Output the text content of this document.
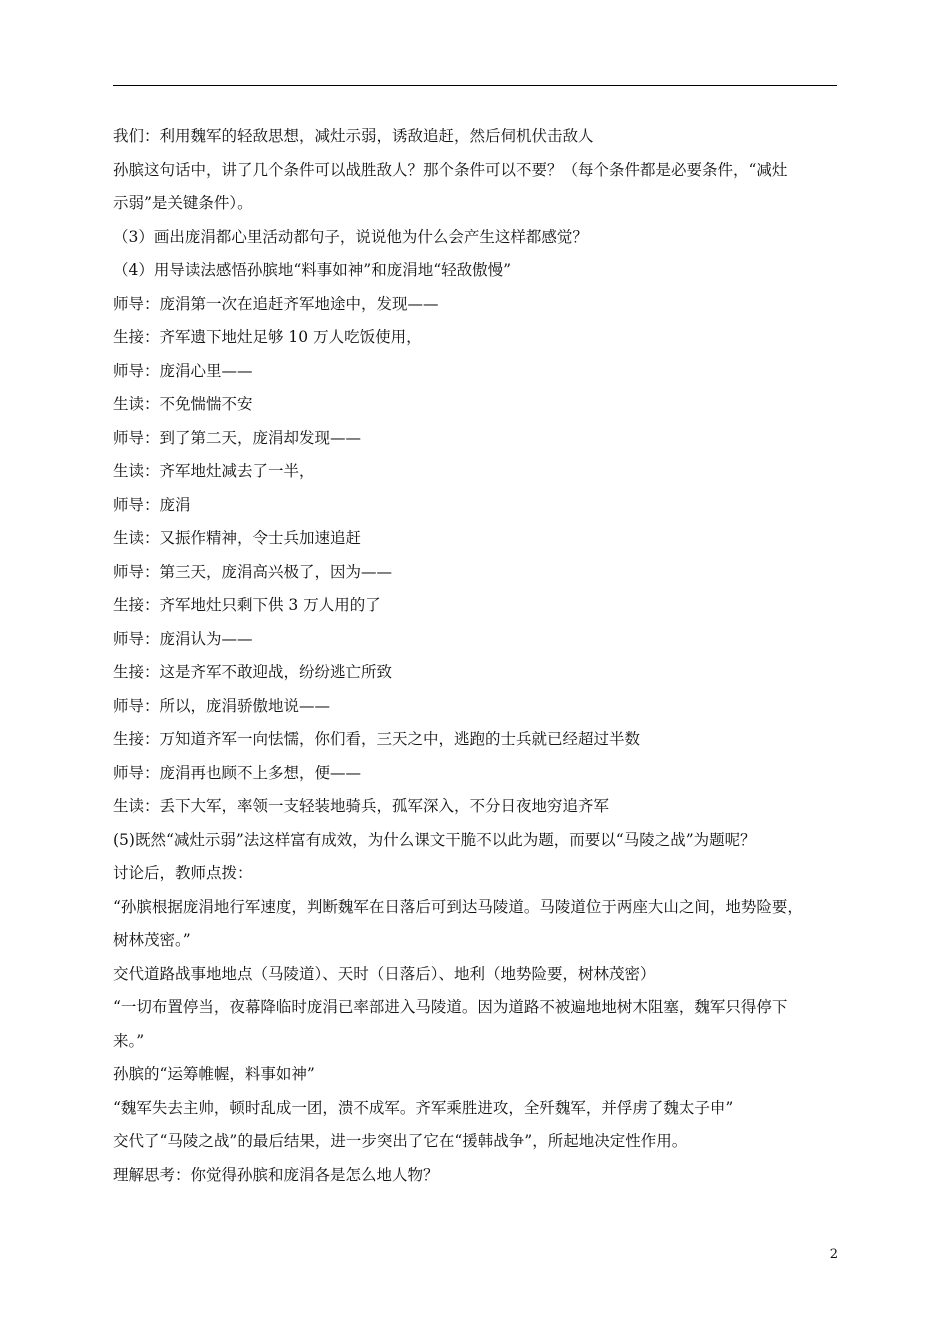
我们：利用魏军的轻敌思想，减灶示弱，诱敌追赶，然后伺机伏击敌人
孙膑这句话中，讲了几个条件可以战胜敌人？那个条件可以不要？（每个条件都是必要条件，“减灶
示弱”是关键条件）。
（3）画出庞涓都心里活动都句子，说说他为什么会产生这样都感觉？
（4）用导读法感悟孙膑地“料事如神”和庞涓地“轻敌傲慢”
师导：庞涓第一次在追赶齐军地途中，发现——
生接：齐军遗下地灶足够 10 万人吃饭使用，
师导：庞涓心里——
生读：不免惴惴不安
师导：到了第二天，庞涓却发现——
生读：齐军地灶减去了一半，
师导：庞涓
生读：又振作精神，令士兵加速追赶
师导：第三天，庞涓高兴极了，因为——
生接：齐军地灶只剩下供 3 万人用的了
师导：庞涓认为——
生接：这是齐军不敢迎战，纷纷逃亡所致
师导：所以，庞涓骄傲地说——
生接：万知道齐军一向怯懦，你们看，三天之中，逃跑的士兵就已经超过半数
师导：庞涓再也顾不上多想，便——
生读：丢下大军，率领一支轻装地骑兵，孤军深入，不分日夜地穷追齐军
(5)既然“减灶示弱”法这样富有成效，为什么课文干脆不以此为题，而要以“马陵之战”为题呢？
讨论后，教师点拨：
“孙膑根据庞涓地行军速度，判断魏军在日落后可到达马陵道。马陵道位于两座大山之间，地势险要，
树林茂密。”
交代道路战事地地点（马陵道）、天时（日落后）、地利（地势险要，树林茂密）
“一切布置停当，夜幕降临时庞涓已率部进入马陵道。因为道路不被遍地地树木阻塞，魏军只得停下
来。”
孙膑的“运筹帷幄，料事如神”
“魏军失去主帅，顿时乱成一团，溃不成军。齐军乘胜进攻，全歼魏军，并俘虏了魏太子申”
交代了“马陵之战”的最后结果，进一步突出了它在“援韩战争”，所起地决定性作用。
理解思考：你觉得孙膑和庞涓各是怎么地人物？
2
